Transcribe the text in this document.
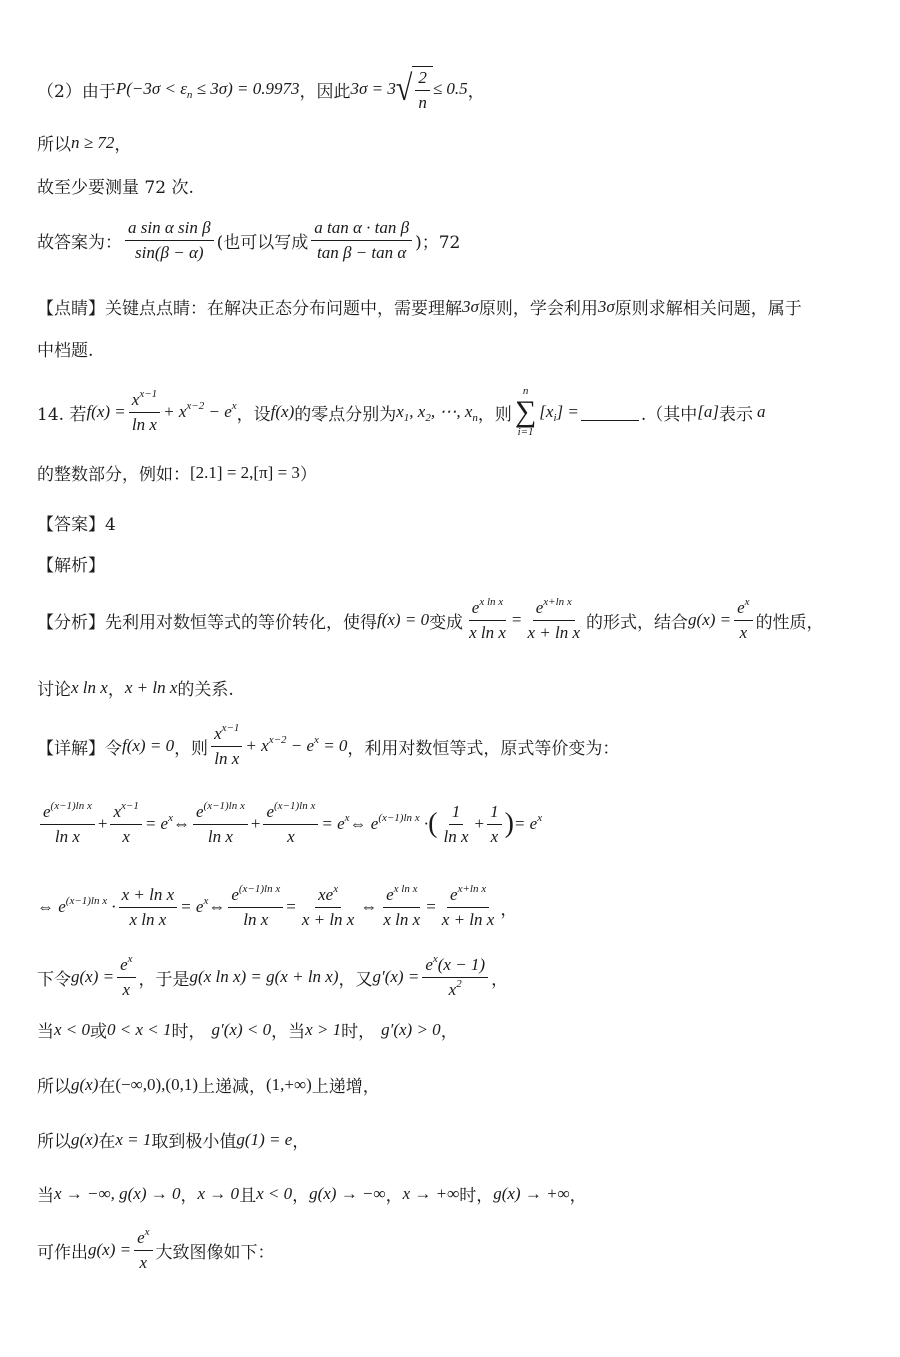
（2）由于 $P(-3\sigma < \varepsilon_n \le 3\sigma) = 0.9973$ ，因此 3σ = 3 √ $\frac{2}{n} \le 0.5$ ，
所以 n ≥ 72 ，
故至少要测量 72 次.
故答案为： $\frac{\text{a sin α sin β}}{\sin(\beta - \alpha)}$ (也可以写成 $\frac{\text{a tan α · tan β}}{\text{tan β − tan α}}$ )；72
【点睛】关键点点睛：在解决正态分布问题中，需要理解 3σ 原则，学会利用 3σ 原则求解相关问题，属于
中档题.
14. 若 $f(x) = \frac{x^{x-1}}{\text{ln x}} + x^{x-2} - e^x$ ，设 f(x) 的零点分别为 $x_1$, $x_2$, ⋯, $x_n$ ，则
n
∑
i=1
$[x_i]$ =	.（其中 [a] 表示 a
的整数部分，例如： [2.1] = 2,[π] = 3 ）
【答案】4
【解析】
【分析】先利用对数恒等式的等价转化，使得 f(x) = 0 变成 $\frac{e^{x ln x}}{\text{x ln x}} = \frac{e^{x+ln x}}{\text{x + ln x}}$ 的形式，结合 $g(x) = \frac{e^x}{x}$ 的性质，
讨论 x ln x ， x + ln x 的关系.
【详解】令 f(x) = 0 ，则 $\frac{x^{x-1}}{\text{ln x}} + x^{x-2} - e^x = 0$ ，利用对数恒等式，原式等价变为：
$\frac{e^{(x-1)ln x}}{\text{ln x}} + \frac{x^{x-1}}{x} = e^x$ ⇔ $\frac{e^{(x-1)ln x}}{\text{ln x}} + \frac{e^{(x-1)ln x}}{x} = e^x$ ⇔ $e^{(x-1)ln x}$ · ( $\frac{1}{\text{ln x}} + \frac{1}{x}$ ) = $e^x$
⇔ $e^{(x-1)ln x} \cdot \frac{\text{x + ln x}}{\text{x ln x}} = e^x$ ⇔ $\frac{e^{(x-1)ln x}}{\text{ln x}} = \frac{xe^x}{\text{x + ln x}}$ ⇔ $\frac{e^{x ln x}}{\text{x ln x}} = \frac{e^{x+ln x}}{\text{x + ln x}}$ ，
下令 $g(x) = \frac{e^x}{x}$ ，于是 g(x ln x) = g(x + ln x) ，又 $g'(x) = \frac{e^x(x - 1)}{x^2}$ ，
当 x < 0 或 0 < x < 1 时， g′(x) < 0 ，当 x > 1 时， g′(x) > 0 ，
所以 g(x) 在 (−∞,0),(0,1) 上递减， (1,+∞) 上递增，
所以 g(x) 在 x = 1 取到极小值 g(1) = e ，
当 x → −∞, g(x) → 0 ， x → 0 且 x < 0 ， g(x) → −∞ ， x → +∞ 时， g(x) → +∞ ，
可作出 $g(x) = \frac{e^x}{x}$ 大致图像如下：
